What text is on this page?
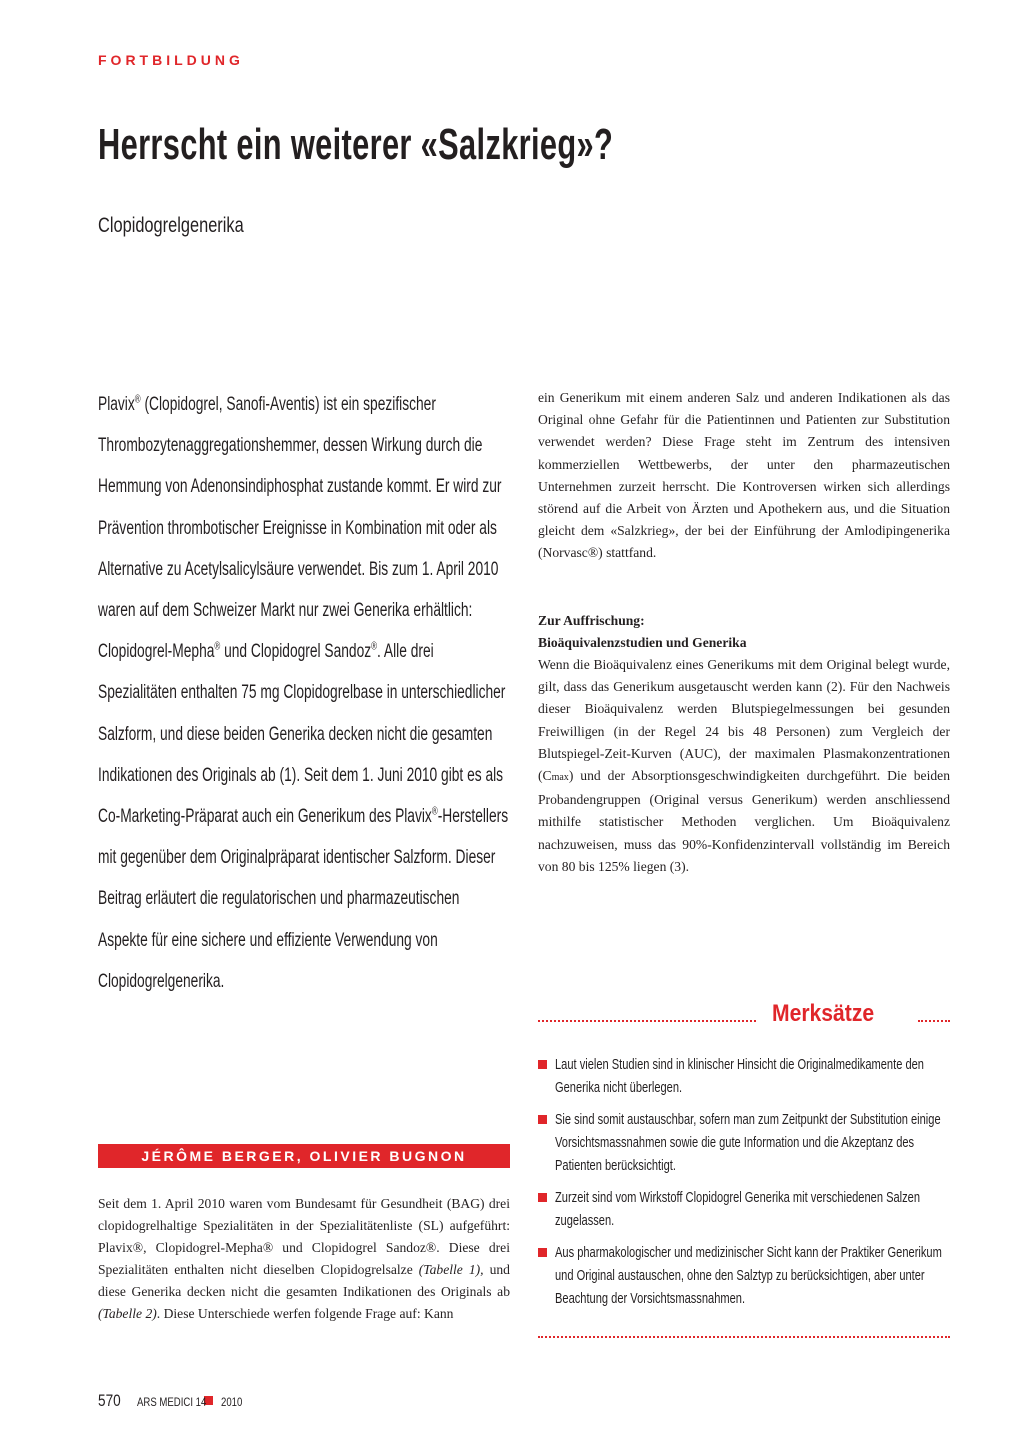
FORTBILDUNG
Herrscht ein weiterer «Salzkrieg»?
Clopidogrelgenerika
Plavix® (Clopidogrel, Sanofi-Aventis) ist ein spezifischer Thrombozytenaggregationshemmer, dessen Wirkung durch die Hemmung von Adenonsindiphosphat zustande kommt. Er wird zur Prävention thrombotischer Ereignisse in Kombination mit oder als Alternative zu Acetylsalicylsäure verwendet. Bis zum 1. April 2010 waren auf dem Schweizer Markt nur zwei Generika erhältlich: Clopidogrel-Mepha® und Clopidogrel Sandoz®. Alle drei Spezialitäten enthalten 75 mg Clopidogrelbase in unterschiedlicher Salzform, und diese beiden Generika decken nicht die gesamten Indikationen des Originals ab (1). Seit dem 1. Juni 2010 gibt es als Co-Marketing-Präparat auch ein Generikum des Plavix®-Herstellers mit gegenüber dem Originalpräparat identischer Salzform. Dieser Beitrag erläutert die regulatorischen und pharmazeutischen Aspekte für eine sichere und effiziente Verwendung von Clopidogrelgenerika.
JÉRÔME BERGER, OLIVIER BUGNON
Seit dem 1. April 2010 waren vom Bundesamt für Gesundheit (BAG) drei clopidogrelhaltige Spezialitäten in der Spezialitätenliste (SL) aufgeführt: Plavix®, Clopidogrel-Mepha® und Clopidogrel Sandoz®. Diese drei Spezialitäten enthalten nicht dieselben Clopidogrelsalze (Tabelle 1), und diese Generika decken nicht die gesamten Indikationen des Originals ab (Tabelle 2). Diese Unterschiede werfen folgende Frage auf: Kann
ein Generikum mit einem anderen Salz und anderen Indikationen als das Original ohne Gefahr für die Patientinnen und Patienten zur Substitution verwendet werden? Diese Frage steht im Zentrum des intensiven kommerziellen Wettbewerbs, der unter den pharmazeutischen Unternehmen zurzeit herrscht. Die Kontroversen wirken sich allerdings störend auf die Arbeit von Ärzten und Apothekern aus, und die Situation gleicht dem «Salzkrieg», der bei der Einführung der Amlodipingenerika (Norvasc®) stattfand.
Zur Auffrischung:
Bioäquivalenzstudien und Generika
Wenn die Bioäquivalenz eines Generikums mit dem Original belegt wurde, gilt, dass das Generikum ausgetauscht werden kann (2). Für den Nachweis dieser Bioäquivalenz werden Blutspiegelmessungen bei gesunden Freiwilligen (in der Regel 24 bis 48 Personen) zum Vergleich der Blutspiegel-Zeit-Kurven (AUC), der maximalen Plasmakonzentrationen (Cmax) und der Absorptionsgeschwindigkeiten durchgeführt. Die beiden Probandengruppen (Original versus Generikum) werden anschliessend mithilfe statistischer Methoden verglichen. Um Bioäquivalenz nachzuweisen, muss das 90%-Konfidenzintervall vollständig im Bereich von 80 bis 125% liegen (3).
Merksätze
Laut vielen Studien sind in klinischer Hinsicht die Originalmedikamente den Generika nicht überlegen.
Sie sind somit austauschbar, sofern man zum Zeitpunkt der Substitution einige Vorsichtsmassnahmen sowie die gute Information und die Akzeptanz des Patienten berücksichtigt.
Zurzeit sind vom Wirkstoff Clopidogrel Generika mit verschiedenen Salzen zugelassen.
Aus pharmakologischer und medizinischer Sicht kann der Praktiker Generikum und Original austauschen, ohne den Salztyp zu berücksichtigen, aber unter Beachtung der Vorsichtsmassnahmen.
570 ARS MEDICI 14 2010
